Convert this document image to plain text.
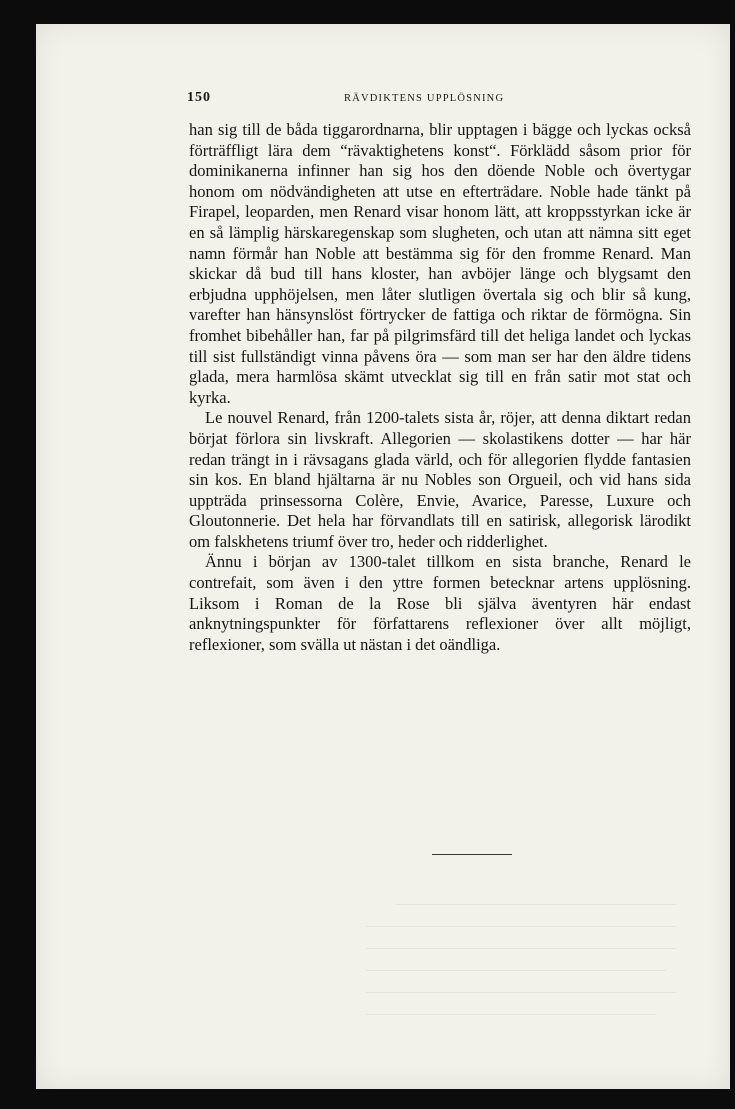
150	RÄVDIKTENS UPPLÖSNING

han sig till de båda tiggarordnarna, blir upptagen i bägge och lyckas också förträffligt lära dem “rävaktighetens konst“. Förklädd såsom prior för dominikanerna infinner han sig hos den döende Noble och övertygar honom om nödvändigheten att utse en efterträdare. Noble hade tänkt på Firapel, leoparden, men Renard visar honom lätt, att kroppsstyrkan icke är en så lämplig härskaregenskap som slugheten, och utan att nämna sitt eget namn förmår han Noble att bestämma sig för den fromme Renard. Man skickar då bud till hans kloster, han avböjer länge och blygsamt den erbjudna upphöjelsen, men låter slutligen övertala sig och blir så kung, varefter han hänsynslöst förtrycker de fattiga och riktar de förmögna. Sin fromhet bibehåller han, far på pilgrimsfärd till det heliga landet och lyckas till sist fullständigt vinna påvens öra — som man ser har den äldre tidens glada, mera harmlösa skämt utvecklat sig till en från satir mot stat och kyrka.

Le nouvel Renard, från 1200-talets sista år, röjer, att denna diktart redan börjat förlora sin livskraft. Allegorien — skolastikens dotter — har här redan trängt in i rävsagans glada värld, och för allegorien flydde fantasien sin kos. En bland hjältarna är nu Nobles son Orgueil, och vid hans sida uppträda prinsessorna Colère, Envie, Avarice, Paresse, Luxure och Gloutonnerie. Det hela har förvandlats till en satirisk, allegorisk lärodikt om falskhetens triumf över tro, heder och ridderlighet.

Ännu i början av 1300-talet tillkom en sista branche, Renard le contrefait, som även i den yttre formen betecknar artens upplösning. Liksom i Roman de la Rose bli själva äventyren här endast anknytningspunkter för författarens reflexioner över allt möjligt, reflexioner, som svälla ut nästan i det oändliga.
